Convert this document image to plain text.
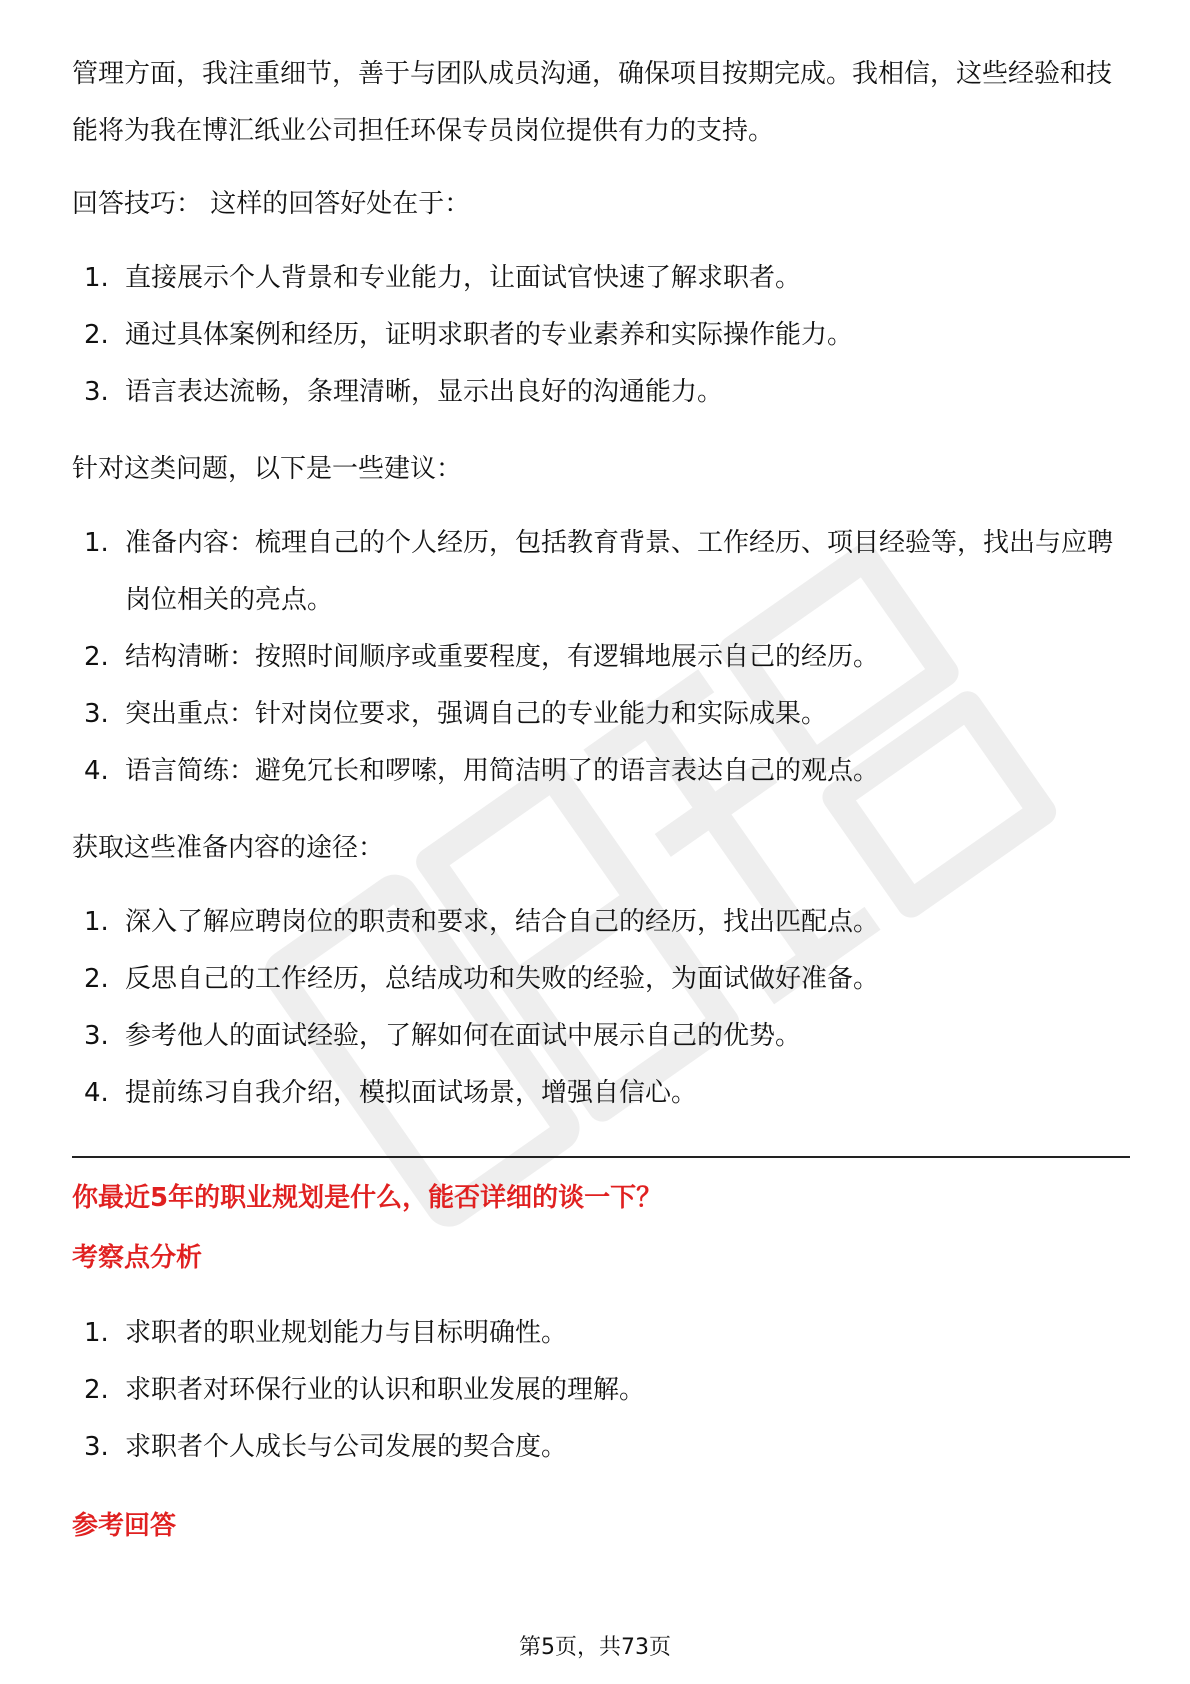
管理方面，我注重细节，善于与团队成员沟通，确保项目按期完成。我相信，这些经验和技能将为我在博汇纸业公司担任环保专员岗位提供有力的支持。

回答技巧： 这样的回答好处在于：

1. 直接展示个人背景和专业能力，让面试官快速了解求职者。
2. 通过具体案例和经历，证明求职者的专业素养和实际操作能力。
3. 语言表达流畅，条理清晰，显示出良好的沟通能力。

针对这类问题，以下是一些建议：

1. 准备内容：梳理自己的个人经历，包括教育背景、工作经历、项目经验等，找出与应聘岗位相关的亮点。
2. 结构清晰：按照时间顺序或重要程度，有逻辑地展示自己的经历。
3. 突出重点：针对岗位要求，强调自己的专业能力和实际成果。
4. 语言简练：避免冗长和啰嗦，用简洁明了的语言表达自己的观点。

获取这些准备内容的途径：

1. 深入了解应聘岗位的职责和要求，结合自己的经历，找出匹配点。
2. 反思自己的工作经历，总结成功和失败的经验，为面试做好准备。
3. 参考他人的面试经验，了解如何在面试中展示自己的优势。
4. 提前练习自我介绍，模拟面试场景，增强自信心。

你最近5年的职业规划是什么，能否详细的谈一下？

考察点分析

1. 求职者的职业规划能力与目标明确性。
2. 求职者对环保行业的认识和职业发展的理解。
3. 求职者个人成长与公司发展的契合度。

参考回答

第5页，共73页
